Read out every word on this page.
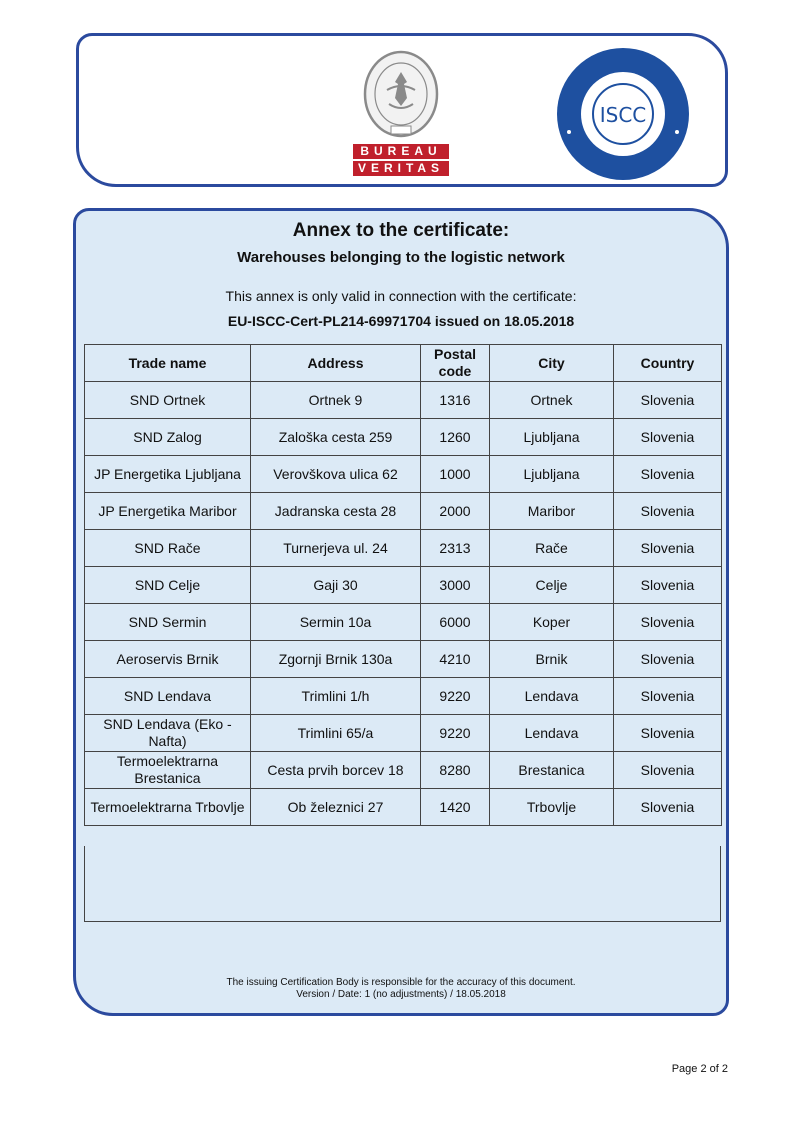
BUREAU
VERITAS
ISCC
Annex to the certificate:
Warehouses belonging to the logistic network
This annex is only valid in connection with the certificate:
EU-ISCC-Cert-PL214-69971704 issued on 18.05.2018
Trade name	Address	Postal code	City	Country
SND Ortnek	Ortnek 9	1316	Ortnek	Slovenia
SND Zalog	Zaloška cesta 259	1260	Ljubljana	Slovenia
JP Energetika Ljubljana	Verovškova ulica 62	1000	Ljubljana	Slovenia
JP Energetika Maribor	Jadranska cesta 28	2000	Maribor	Slovenia
SND Rače	Turnerjeva ul. 24	2313	Rače	Slovenia
SND Celje	Gaji 30	3000	Celje	Slovenia
SND Sermin	Sermin 10a	6000	Koper	Slovenia
Aeroservis Brnik	Zgornji Brnik 130a	4210	Brnik	Slovenia
SND Lendava	Trimlini 1/h	9220	Lendava	Slovenia
SND Lendava (Eko - Nafta)	Trimlini 65/a	9220	Lendava	Slovenia
Termoelektrarna Brestanica	Cesta prvih borcev 18	8280	Brestanica	Slovenia
Termoelektrarna Trbovlje	Ob železnici 27	1420	Trbovlje	Slovenia
The issuing Certification Body is responsible for the accuracy of this document.
Version / Date: 1 (no adjustments) / 18.05.2018
Page 2 of 2
